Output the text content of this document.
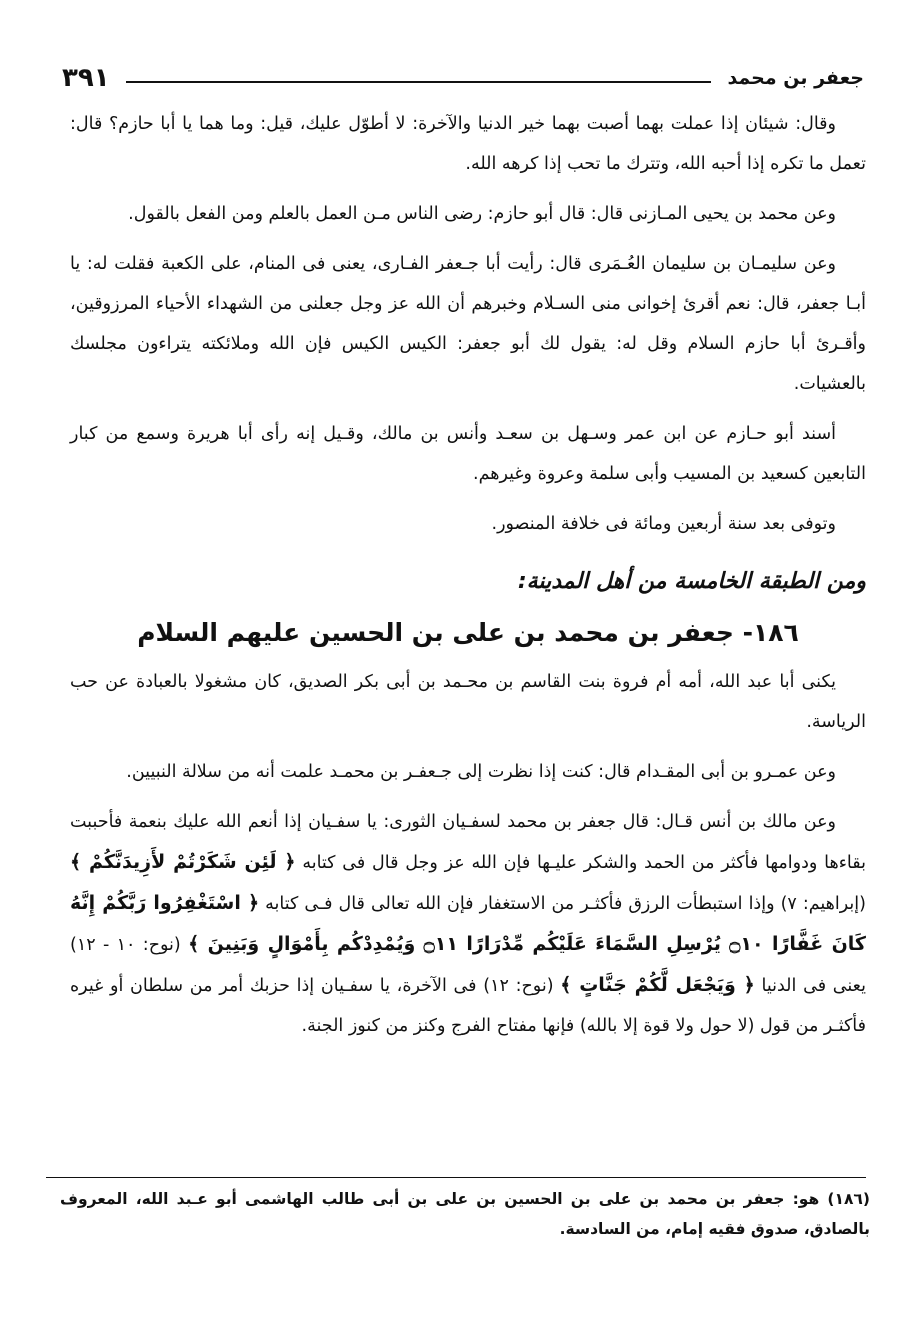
جعفر بن محمد
٣٩١

وقال: شيئان إذا عملت بهما أصبت بهما خير الدنيا والآخرة: لا أطوّل عليك، قيل: وما هما يا أبا حازم؟ قال: تعمل ما تكره إذا أحبه الله، وتترك ما تحب إذا كرهه الله.

وعن محمد بن يحيى المـازنى قال: قال أبو حازم: رضى الناس مـن العمل بالعلم ومن الفعل بالقول.

وعن سليمـان بن سليمان العُـمَرى قال: رأيت أبا جـعفر الفـارى، يعنى فى المنام، على الكعبة فقلت له: يا أبـا جعفر، قال: نعم أقرئ إخوانى منى السـلام وخبرهم أن الله عز وجل جعلنى من الشهداء الأحياء المرزوقين، وأقـرئ أبا حازم السلام وقل له: يقول لك أبو جعفر: الكيس الكيس فإن الله وملائكته يتراءون مجلسك بالعشيات.

أسند أبو حـازم عن ابن عمر وسـهل بن سعـد وأنس بن مالك، وقـيل إنه رأى أبا هريرة وسمع من كبار التابعين كسعيد بن المسيب وأبى سلمة وعروة وغيرهم.

وتوفى بعد سنة أربعين ومائة فى خلافة المنصور.

ومن الطبقة الخامسة من أهل المدينة:
١٨٦- جعفر بن محمد بن على بن الحسين عليهم السلام

يكنى أبا عبد الله، أمه أم فروة بنت القاسم بن محـمد بن أبى بكر الصديق، كان مشغولا بالعبادة عن حب الرياسة.

وعن عمـرو بن أبى المقـدام قال: كنت إذا نظرت إلى جـعفـر بن محمـد علمت أنه من سلالة النبيين.

وعن مالك بن أنس قـال: قال جعفر بن محمد لسفـيان الثورى: يا سفـيان إذا أنعم الله عليك بنعمة فأحببت بقاءها ودوامها فأكثر من الحمد والشكر عليـها فإن الله عز وجل قال فى كتابه ﴿ لَئِن شَكَرْتُمْ لأَزِيدَنَّكُمْ ﴾ (إبراهيم: ٧) وإذا استبطأت الرزق فأكثـر من الاستغفار فإن الله تعالى قال فـى كتابه ﴿ اسْتَغْفِرُوا رَبَّكُمْ إِنَّهُ كَانَ غَفَّارًا ۝١٠ يُرْسِلِ السَّمَاءَ عَلَيْكُم مِّدْرَارًا ۝١١ وَيُمْدِدْكُم بِأَمْوَالٍ وَبَنِينَ ﴾ (نوح: ١٠ - ١٢) يعنى فى الدنيا ﴿ وَيَجْعَل لَّكُمْ جَنَّاتٍ ﴾ (نوح: ١٢) فى الآخرة، يا سفـيان إذا حزبك أمر من سلطان أو غيره فأكثـر من قول (لا حول ولا قوة إلا بالله) فإنها مفتاح الفرج وكنز من كنوز الجنة.

(١٨٦) هو: جعفر بن محمد بن على بن الحسين بن على بن أبى طالب الهاشمى أبو عـبد الله، المعروف بالصادق، صدوق فقيه إمام، من السادسة.
